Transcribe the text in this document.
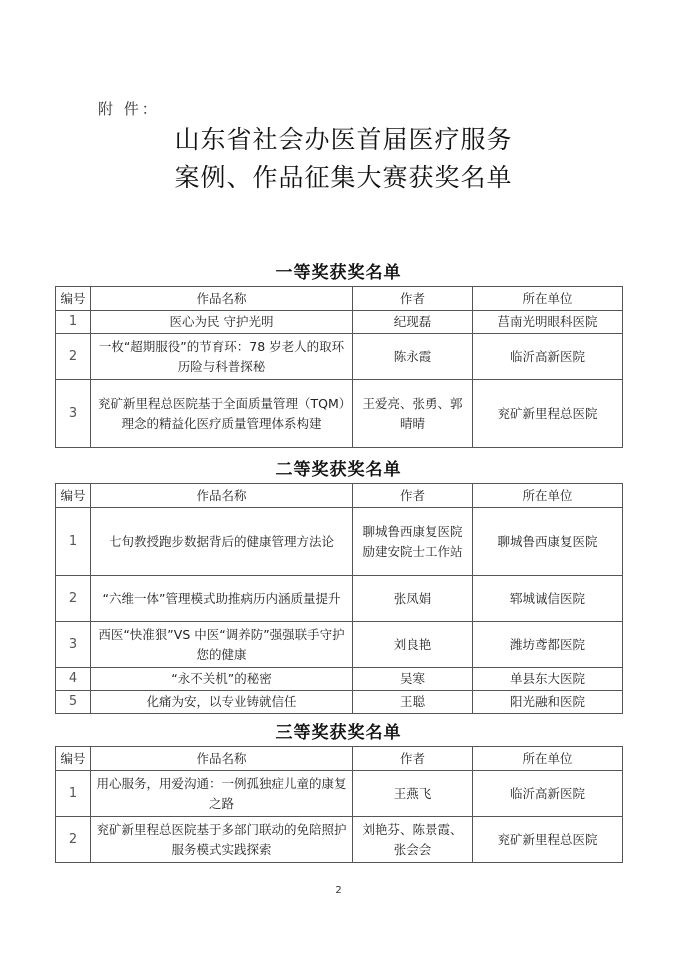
附 件：
山东省社会办医首届医疗服务
案例、作品征集大赛获奖名单
一等奖获奖名单
编号	作品名称	作者	所在单位
1	医心为民 守护光明	纪现磊	莒南光明眼科医院
2	一枚“超期服役”的节育环：78 岁老人的取环历险与科普探秘	陈永霞	临沂高新医院
3	兖矿新里程总医院基于全面质量管理（TQM）理念的精益化医疗质量管理体系构建	王爱亮、张勇、郭晴晴	兖矿新里程总医院
二等奖获奖名单
编号	作品名称	作者	所在单位
1	七旬教授跑步数据背后的健康管理方法论	聊城鲁西康复医院励建安院士工作站	聊城鲁西康复医院
2	“六维一体”管理模式助推病历内涵质量提升	张凤娟	郓城诚信医院
3	西医“快准狠”VS 中医“调养防”强强联手守护您的健康	刘良艳	潍坊鸢都医院
4	“永不关机”的秘密	吴寒	单县东大医院
5	化痛为安，以专业铸就信任	王聪	阳光融和医院
三等奖获奖名单
编号	作品名称	作者	所在单位
1	用心服务，用爱沟通：一例孤独症儿童的康复之路	王燕飞	临沂高新医院
2	兖矿新里程总医院基于多部门联动的免陪照护服务模式实践探索	刘艳芬、陈景霞、张会会	兖矿新里程总医院
2
